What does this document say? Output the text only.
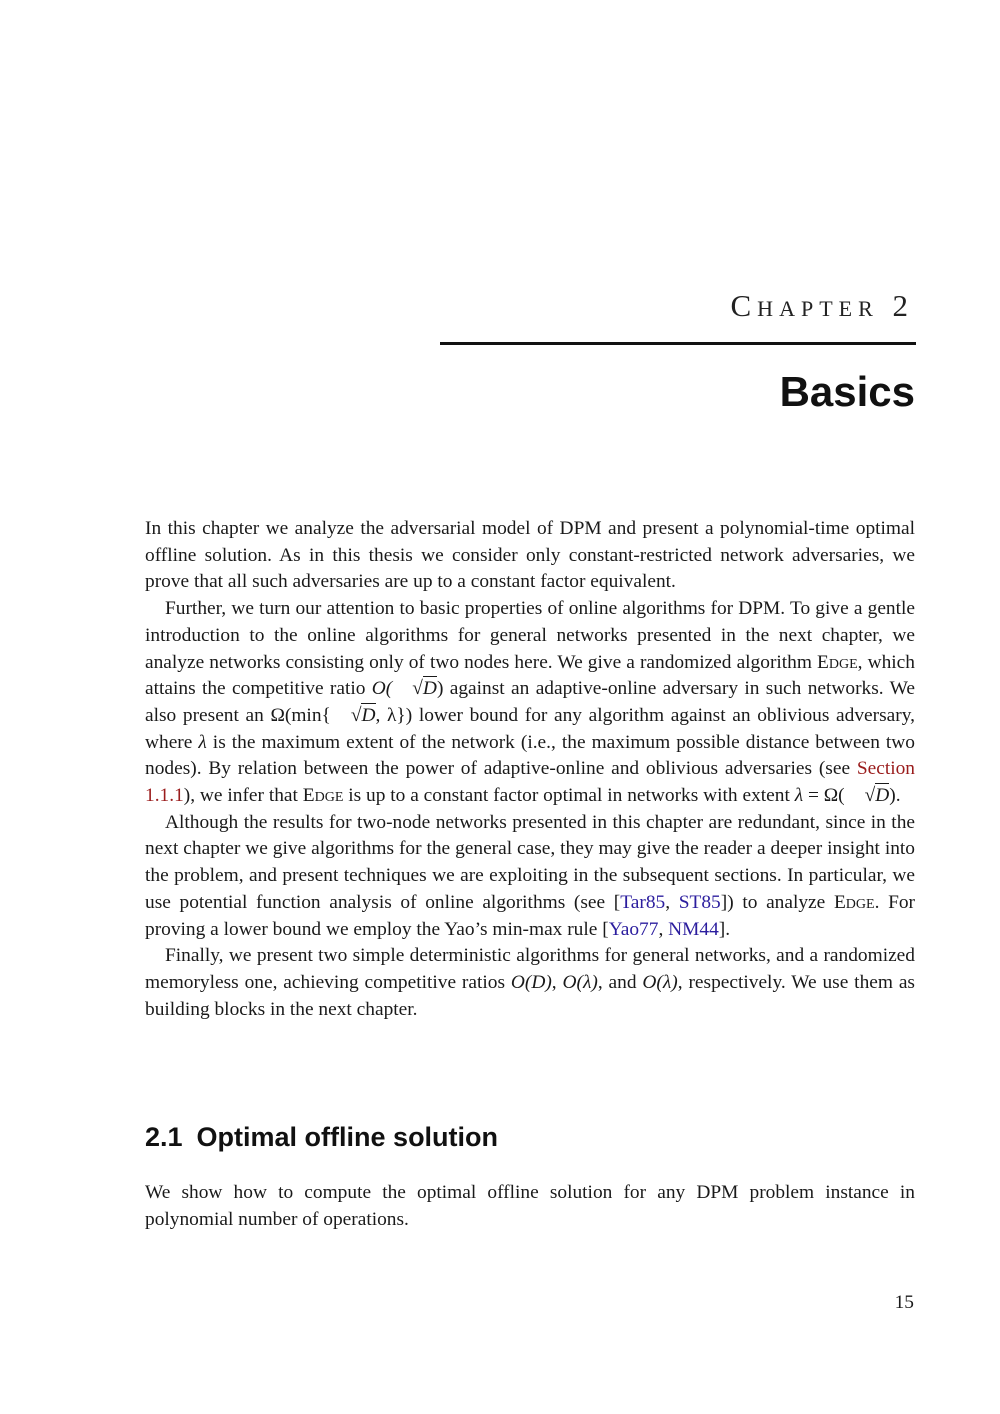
Chapter 2
Basics

In this chapter we analyze the adversarial model of DPM and present a polynomial-time optimal offline solution. As in this thesis we consider only constant-restricted network adversaries, we prove that all such adversaries are up to a constant factor equivalent.

Further, we turn our attention to basic properties of online algorithms for DPM. To give a gentle introduction to the online algorithms for general networks presented in the next chapter, we analyze networks consisting only of two nodes here. We give a randomized algorithm Edge, which attains the competitive ratio O( √D) against an adaptive-online adversary in such networks. We also present an Ω(min{ √D, λ}) lower bound for any algorithm against an oblivious adversary, where λ is the maximum extent of the network (i.e., the maximum possible distance between two nodes). By relation between the power of adaptive-online and oblivious adversaries (see Section 1.1.1), we infer that Edge is up to a constant factor optimal in networks with extent λ = Ω( √D).

Although the results for two-node networks presented in this chapter are redundant, since in the next chapter we give algorithms for the general case, they may give the reader a deeper insight into the problem, and present techniques we are exploiting in the subsequent sections. In particular, we use potential function analysis of online algorithms (see [Tar85, ST85]) to analyze Edge. For proving a lower bound we employ the Yao’s min-max rule [Yao77, NM44].

Finally, we present two simple deterministic algorithms for general networks, and a randomized memoryless one, achieving competitive ratios O(D), O(λ), and O(λ), respectively. We use them as building blocks in the next chapter.

2.1 Optimal offline solution

We show how to compute the optimal offline solution for any DPM problem instance in polynomial number of operations.

15
